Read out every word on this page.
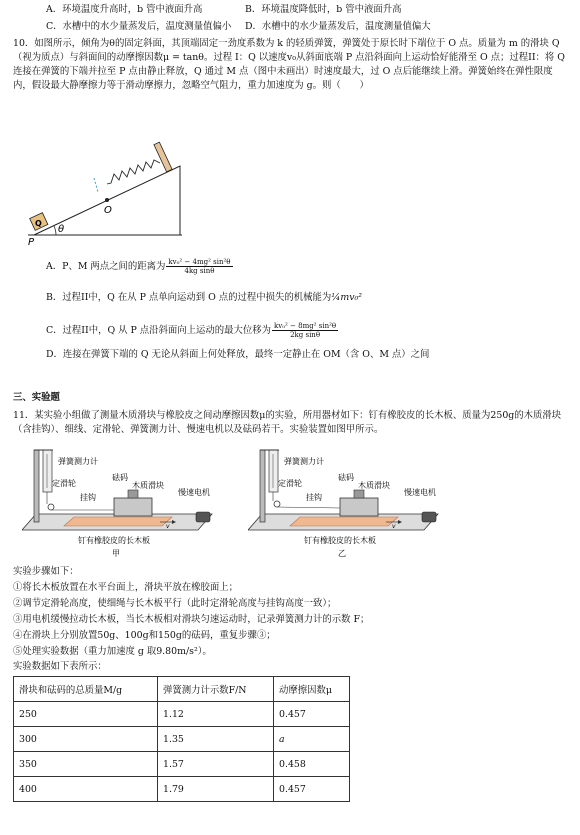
A．环境温度升高时，b 管中液面升高	B．环境温度降低时，b 管中液面升高
C．水槽中的水少量蒸发后，温度测量值偏小 D．水槽中的水少量蒸发后，温度测量值偏大
10．如图所示，倾角为θ的固定斜面，其顶端固定一劲度系数为 k 的轻质弹簧，弹簧处于原长时下端位于 O 点。质量为 m 的滑块 Q（视为质点）与斜面间的动摩擦因数μ = tanθ。过程 I：Q 以速度v₀从斜面底端 P 点沿斜面向上运动恰好能滑至 O 点；过程II：将 Q 连接在弹簧的下端并拉至 P 点由静止释放，Q 通过 M 点（图中未画出）时速度最大，过 O 点后能继续上滑。弹簧始终在弹性限度内，假设最大静摩擦力等于滑动摩擦力，忽略空气阻力，重力加速度为 g。则（　　）
O
Q
P
θ
A．P、M 两点之间的距离为 $\frac{\text{kv₀² − 4mg² sin²θ}}{\text{4kg sinθ}}$
B．过程II中，Q 在从 P 点单向运动到 O 点的过程中损失的机械能为¼mv₀²
C．过程II中，Q 从 P 点沿斜面向上运动的最大位移为 $\frac{\text{kv₀² − 8mg² sin²θ}}{\text{2kg sinθ}}$
D．连接在弹簧下端的 Q 无论从斜面上何处释放，最终一定静止在 OM（含 O、M 点）之间
三、实验题
11．某实验小组做了测量木质滑块与橡胶皮之间动摩擦因数μ的实验，所用器材如下：钉有橡胶皮的长木板、质量为250g的木质滑块（含挂钩）、细线、定滑轮、弹簧测力计、慢速电机以及砝码若干。实验装置如图甲所示。
v
弹簧测力计
定滑轮
砝码
木质滑块
挂钩
慢速电机
钉有橡胶皮的长木板
甲
v
弹簧测力计
定滑轮
砝码
木质滑块
挂钩
慢速电机
钉有橡胶皮的长木板
乙
实验步骤如下：
①将长木板放置在水平台面上，滑块平放在橡胶面上；
②调节定滑轮高度，使细绳与长木板平行（此时定滑轮高度与挂钩高度一致）；
③用电机缓慢拉动长木板，当长木板相对滑块匀速运动时，记录弹簧测力计的示数 F；
④在滑块上分别放置50g、100g和150g的砝码，重复步骤③；
⑤处理实验数据（重力加速度 g 取9.80m/s²）。
实验数据如下表所示：
滑块和砝码的总质量M/g	弹簧测力计示数F/N	动摩擦因数μ
250	1.12	0.457
300	1.35	a
350	1.57	0.458
400	1.79	0.457
